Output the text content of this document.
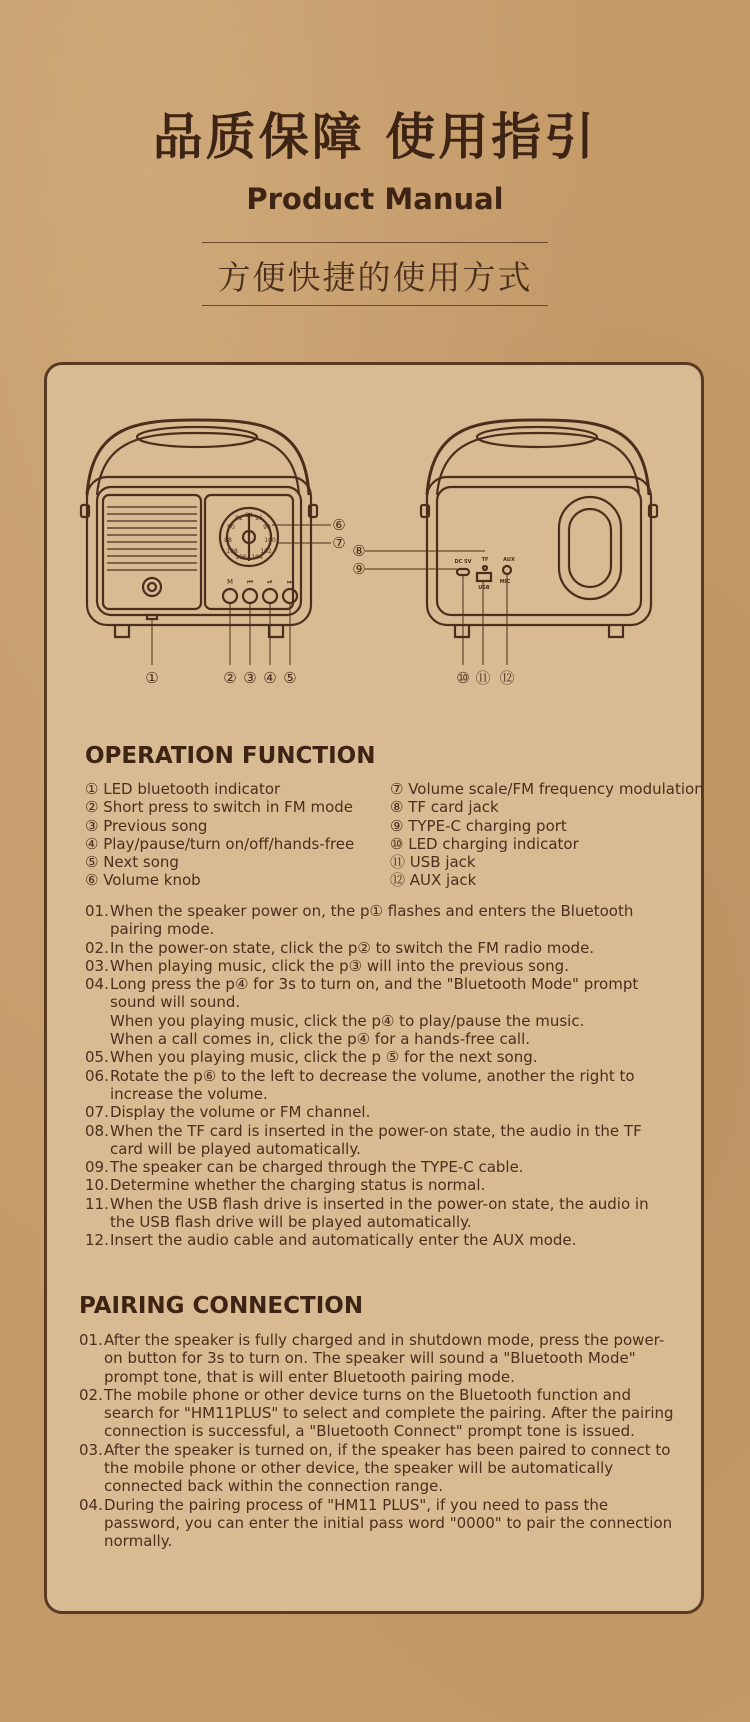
品质保障 使用指引
Product Manual
方便快捷的使用方式
88
90
92 94 96
98
100
102
104
106
108
M ⏮ ⏯ ⏭
DC 5V TF	AUX
USB
MIC
①	② ③ ④ ⑤
⑥
⑦ ⑧
⑨
⑩ ⑪ ⑫
OPERATION FUNCTION
① LED bluetooth indicator
② Short press to switch in FM mode
③ Previous song
④ Play/pause/turn on/off/hands-free
⑤ Next song
⑥ Volume knob
⑦ Volume scale/FM frequency modulation
⑧ TF card jack
⑨ TYPE-C charging port
⑩ LED charging indicator
⑪ USB jack
⑫ AUX jack
01. When the speaker power on, the p① flashes and enters the Bluetooth pairing mode.
02. In the power-on state, click the p② to switch the FM radio mode.
03. When playing music, click the p③ will into the previous song.
04. Long press the p④ for 3s to turn on, and the "Bluetooth Mode" prompt sound will sound.
When you playing music, click the p④ to play/pause the music.
When a call comes in, click the p④ for a hands-free call.
05. When you playing music, click the p ⑤ for the next song.
06. Rotate the p⑥ to the left to decrease the volume, another the right to increase the volume.
07. Display the volume or FM channel.
08. When the TF card is inserted in the power-on state, the audio in the TF card will be played automatically.
09. The speaker can be charged through the TYPE-C cable.
10. Determine whether the charging status is normal.
11. When the USB flash drive is inserted in the power-on state, the audio in the USB flash drive will be played automatically.
12. Insert the audio cable and automatically enter the AUX mode.
PAIRING CONNECTION
01. After the speaker is fully charged and in shutdown mode, press the power-on button for 3s to turn on. The speaker will sound a "Bluetooth Mode" prompt tone, that is will enter Bluetooth pairing mode.
02. The mobile phone or other device turns on the Bluetooth function and search for "HM11PLUS" to select and complete the pairing. After the pairing connection is successful, a "Bluetooth Connect" prompt tone is issued.
03. After the speaker is turned on, if the speaker has been paired to connect to the mobile phone or other device, the speaker will be automatically connected back within the connection range.
04. During the pairing process of "HM11 PLUS", if you need to pass the password, you can enter the initial pass word "0000" to pair the connection normally.
